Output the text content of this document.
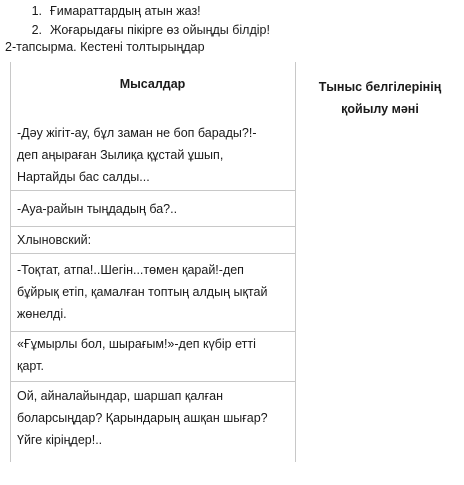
1. Ғимараттардың атын жаз!
2. Жоғарыдағы пікірге өз ойыңды білдір!
2-тапсырма. Кестені толтырыңдар
Мысалдар	Тыныс белгілерінің
қойылу мәні
-Дәу жігіт-ау, бұл заман не боп барады?!-
деп аңыраған Зылиқа құстай ұшып,
Нартайды бас салды...
-Ауа-райын тыңдадың ба?..
Хлыновский:
-Тоқтат, атпа!..Шегін...төмен қарай!-деп
бұйрық етіп, қамалған топтың алдың ықтай
жөнелді.
«Ғұмырлы бол, шырағым!»-деп күбір етті
қарт.
Ой, айналайындар, шаршап қалған
боларсыңдар? Қарындарың ашқан шығар?
Үйге кіріңдер!..
